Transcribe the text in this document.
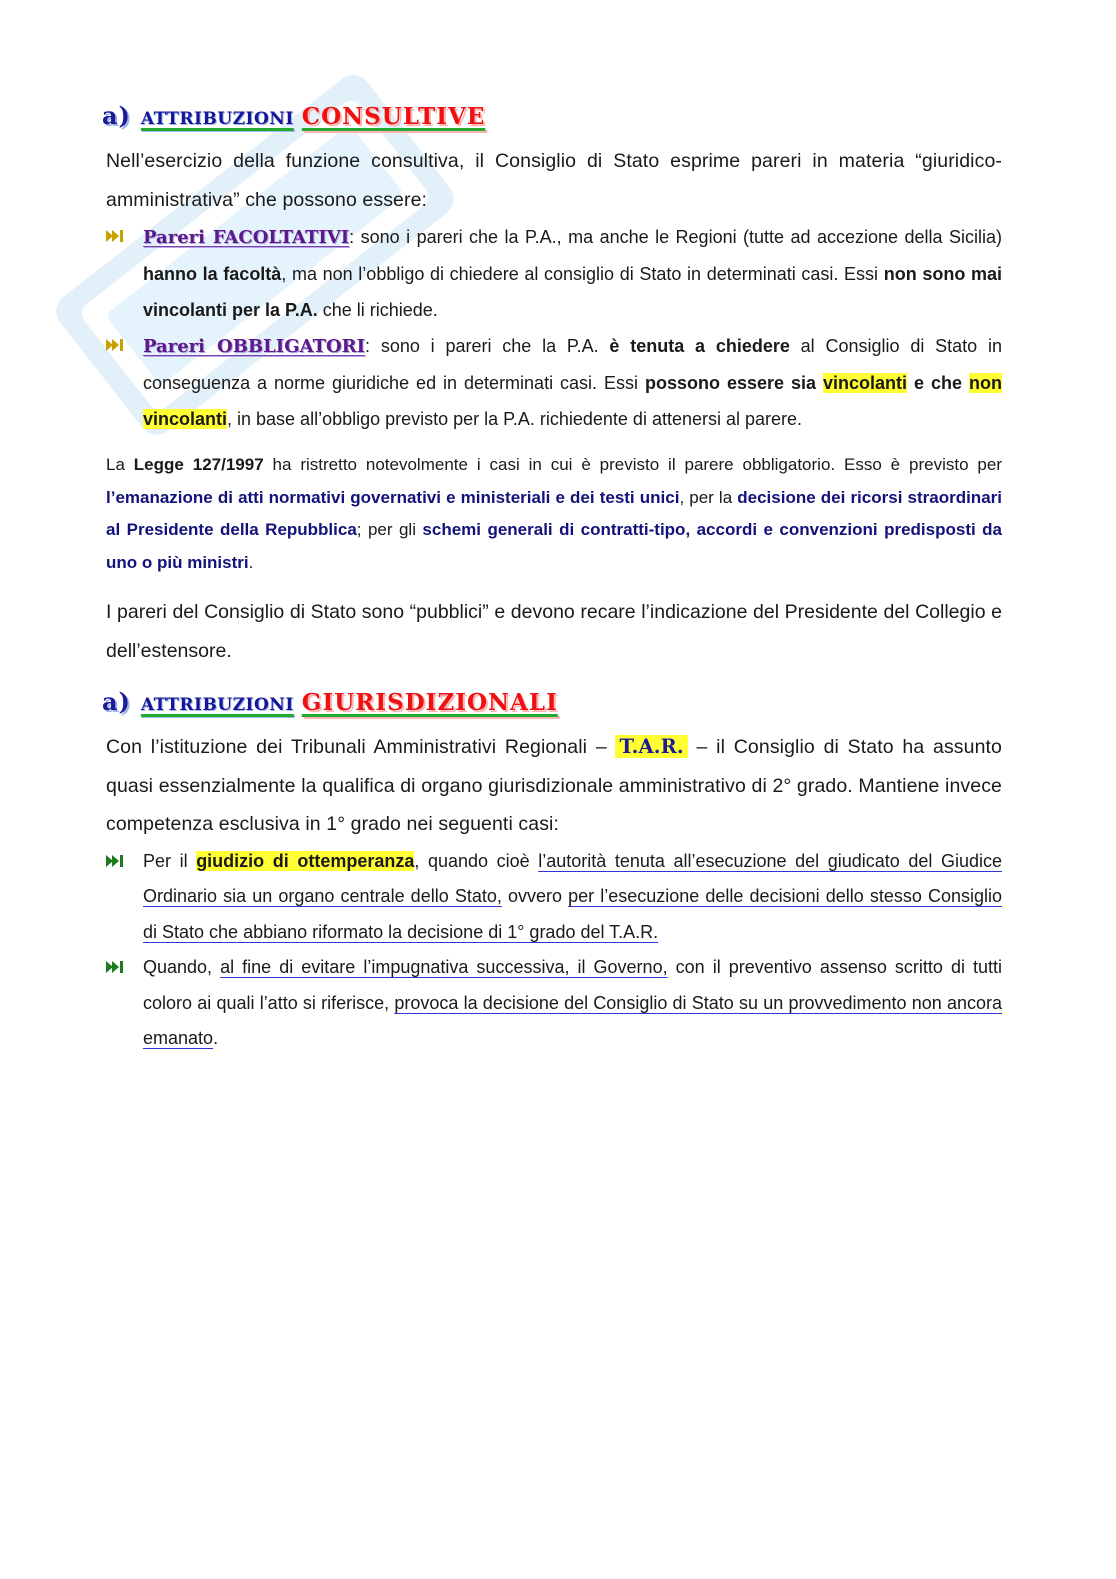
a) ATTRIBUZIONI CONSULTIVE

Nell’esercizio della funzione consultiva, il Consiglio di Stato esprime pareri in materia “giuridico-amministrativa” che possono essere:

Pareri FACOLTATIVI: sono i pareri che la P.A., ma anche le Regioni (tutte ad accezione della Sicilia) hanno la facoltà, ma non l’obbligo di chiedere al consiglio di Stato in determinati casi. Essi non sono mai vincolanti per la P.A. che li richiede.
Pareri OBBLIGATORI: sono i pareri che la P.A. è tenuta a chiedere al Consiglio di Stato in conseguenza a norme giuridiche ed in determinati casi. Essi possono essere sia vincolanti e che non vincolanti, in base all’obbligo previsto per la P.A. richiedente di attenersi al parere.

La Legge 127/1997 ha ristretto notevolmente i casi in cui è previsto il parere obbligatorio. Esso è previsto per l’emanazione di atti normativi governativi e ministeriali e dei testi unici, per la decisione dei ricorsi straordinari al Presidente della Repubblica; per gli schemi generali di contratti-tipo, accordi e convenzioni predisposti da uno o più ministri.

I pareri del Consiglio di Stato sono “pubblici” e devono recare l’indicazione del Presidente del Collegio e dell’estensore.

a) ATTRIBUZIONI GIURISDIZIONALI

Con l’istituzione dei Tribunali Amministrativi Regionali – T.A.R. – il Consiglio di Stato ha assunto quasi essenzialmente la qualifica di organo giurisdizionale amministrativo di 2° grado. Mantiene invece competenza esclusiva in 1° grado nei seguenti casi:

Per il giudizio di ottemperanza, quando cioè l’autorità tenuta all’esecuzione del giudicato del Giudice Ordinario sia un organo centrale dello Stato, ovvero per l’esecuzione delle decisioni dello stesso Consiglio di Stato che abbiano riformato la decisione di 1° grado del T.A.R.
Quando, al fine di evitare l’impugnativa successiva, il Governo, con il preventivo assenso scritto di tutti coloro ai quali l’atto si riferisce, provoca la decisione del Consiglio di Stato su un provvedimento non ancora emanato.
